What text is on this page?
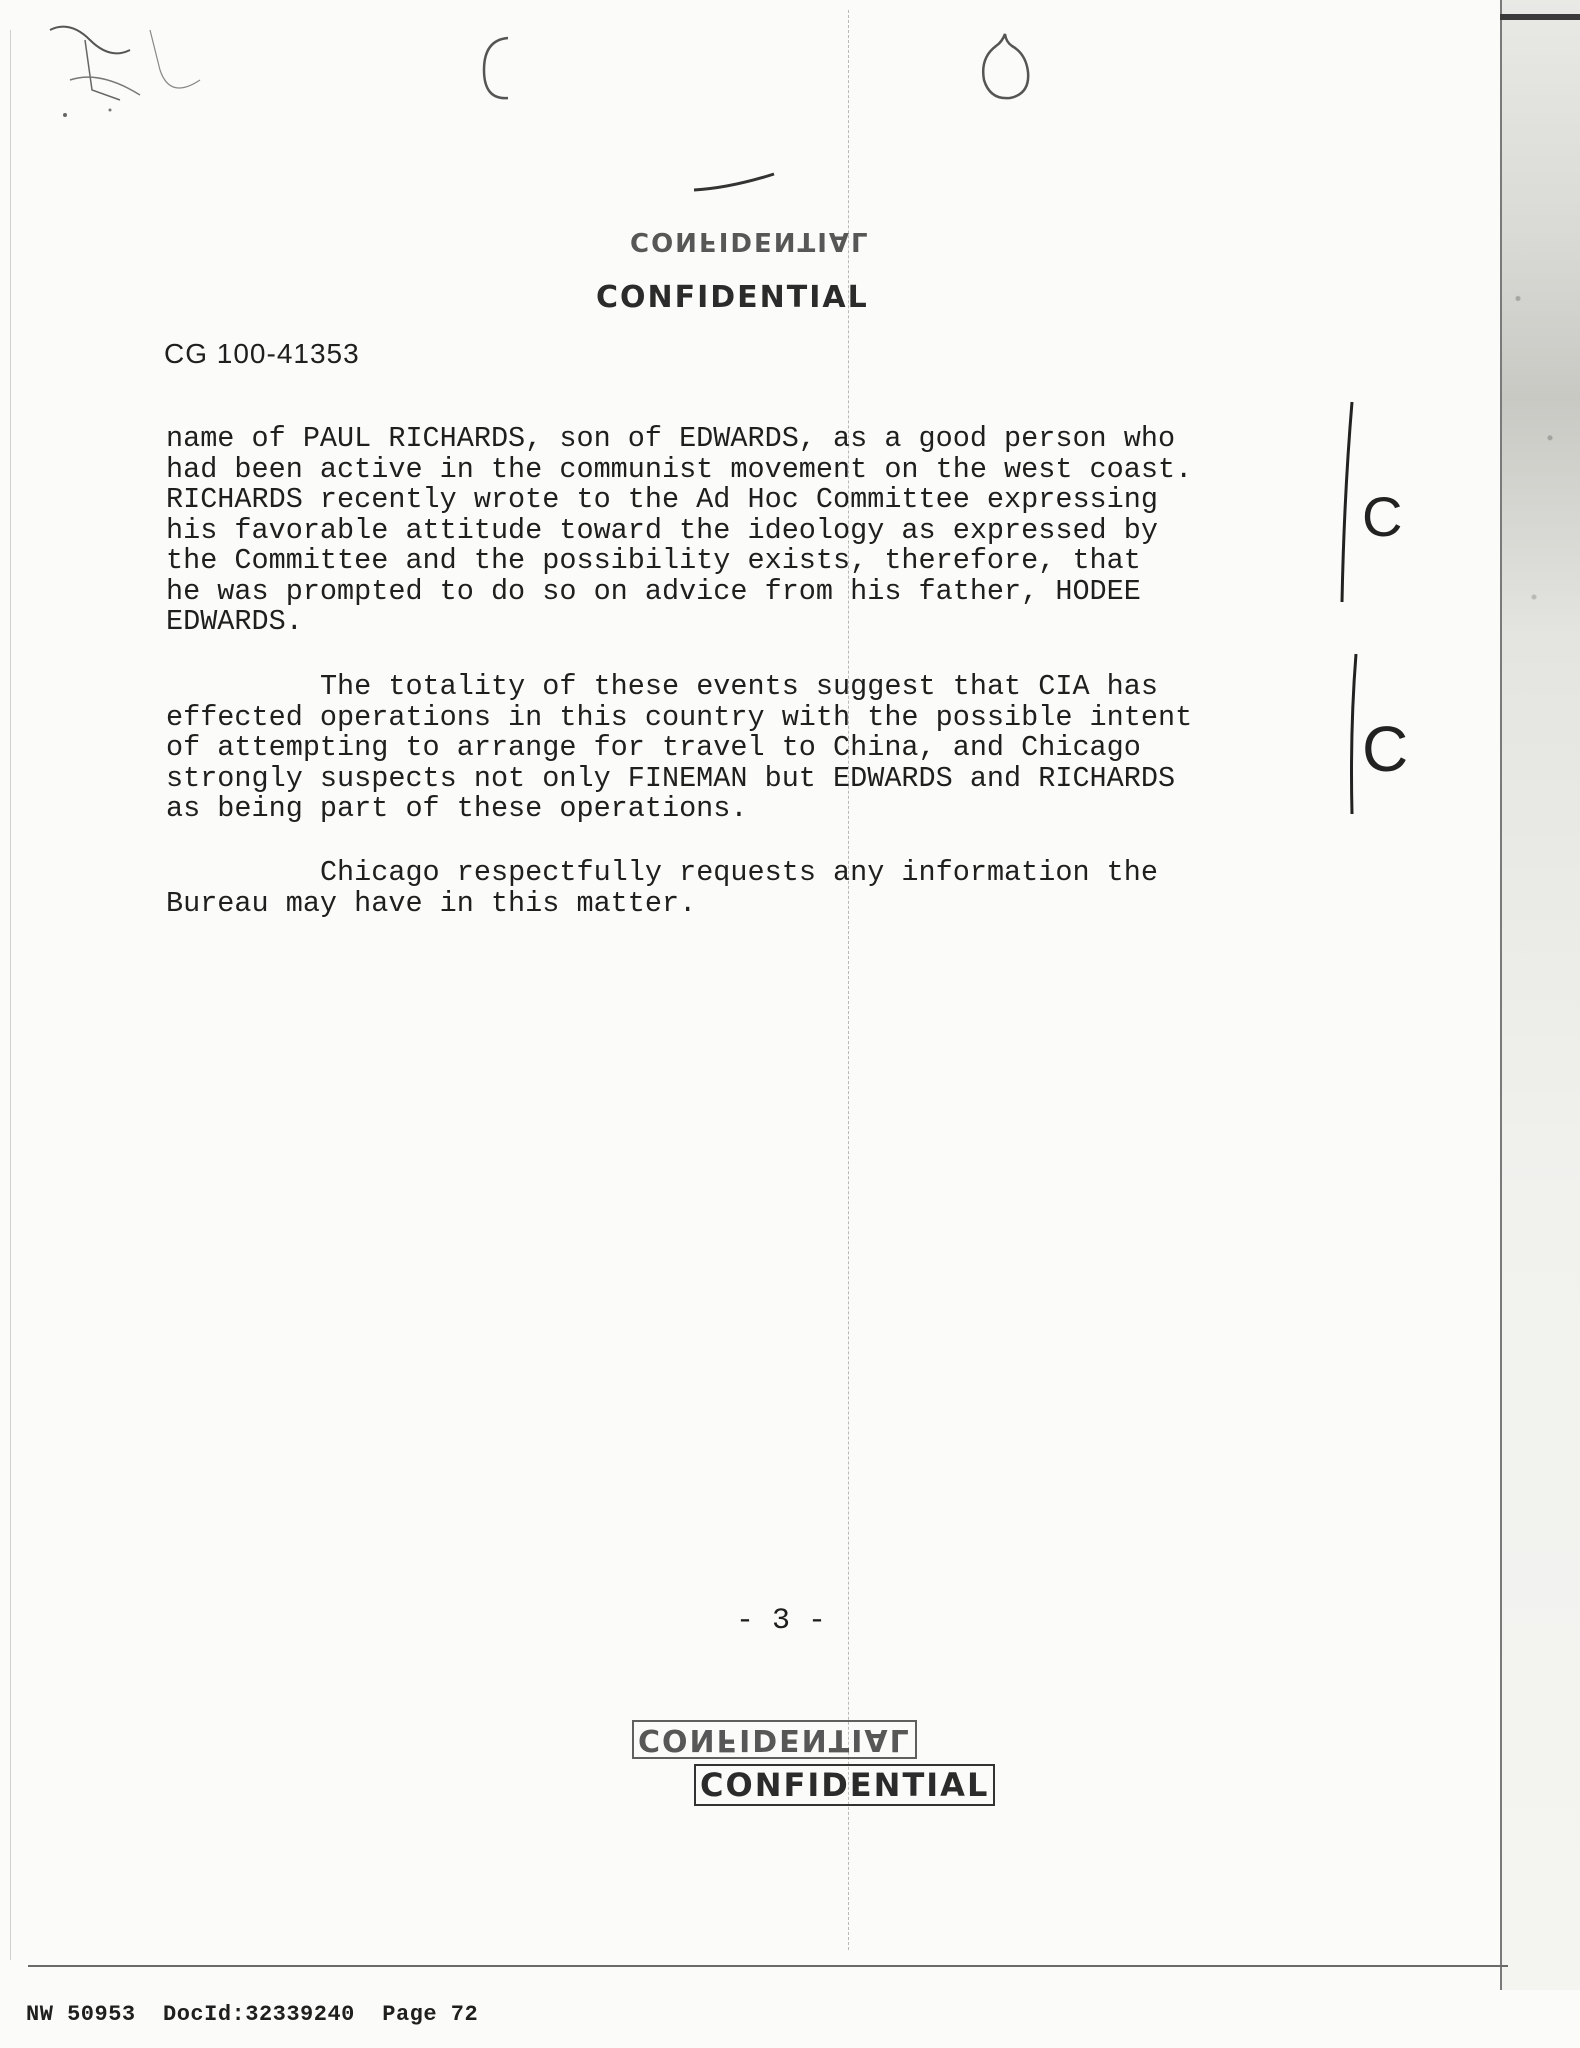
CONFIDENTIAL
CONFIDENTIAL
CG 100-41353
name of PAUL RICHARDS, son of EDWARDS, as a good person who
had been active in the communist movement on the west coast.
RICHARDS recently wrote to the Ad Hoc Committee expressing
his favorable attitude toward the ideology as expressed by
the Committee and the possibility exists, therefore, that
he was prompted to do so on advice from his father, HODEE
EDWARDS.
The totality of these events suggest that CIA has
effected operations in this country with the possible intent
of attempting to arrange for travel to China, and Chicago
strongly suspects not only FINEMAN but EDWARDS and RICHARDS
as being part of these operations.
Chicago respectfully requests any information the
Bureau may have in this matter.
C
C
- 3 -
CONFIDENTIAL
CONFIDENTIAL
NW 50953 DocId:32339240 Page 72
